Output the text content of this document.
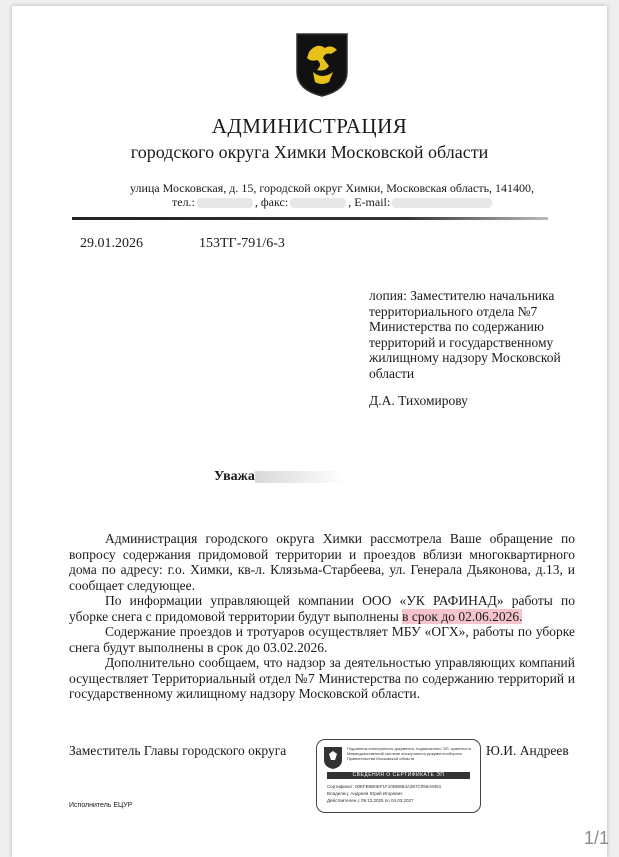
АДМИНИСТРАЦИЯ
городского округа Химки Московской области
улица Московская, д. 15, городской округ Химки, Московская область, 141400,
тел.:	, факс:	, E-mail:
29.01.2026	153ТГ-791/6-3
лопия: Заместителю начальника
территориального отдела №7
Министерства по содержанию
территорий и государственному
жилищному надзору Московской
области
Д.А. Тихомирову
Уважа

Администрация городского округа Химки рассмотрела Ваше обращение по вопросу содержания придомовой территории и проездов вблизи многоквартирного дома по адресу: г.о. Химки, кв-л. Клязьма-Старбеева, ул. Генерала Дьяконова, д.13, и сообщает следующее.

По информации управляющей компании ООО «УК РАФИНАД» работы по уборке снега с придомовой территории будут выполнены в срок до 02.06.2026.

Содержание проездов и тротуаров осуществляет МБУ «ОГХ», работы по уборке снега будут выполнены в срок до 03.02.2026.

Дополнительно сообщаем, что надзор за деятельностью управляющих компаний осуществляет Территориальный отдел №7 Министерства по содержанию территорий и государственному жилищному надзору Московской области.

Заместитель Главы городского округа	Подлинник электронного документа, подписанного ЭП, хранится в Межведомственной системе электронного документооборота Правительства Московской области
СВЕДЕНИЯ О СЕРТИФИКАТЕ ЭП
Сертификат: 00EFB0B0EF1F10DB6B4A367C056A9351
Владелец: Андреев Юрий Игоревич
Действителен с 09.12.2025 по 04.03.2027
Ю.И. Андреев
Исполнитель ЕЦУР
1/1
